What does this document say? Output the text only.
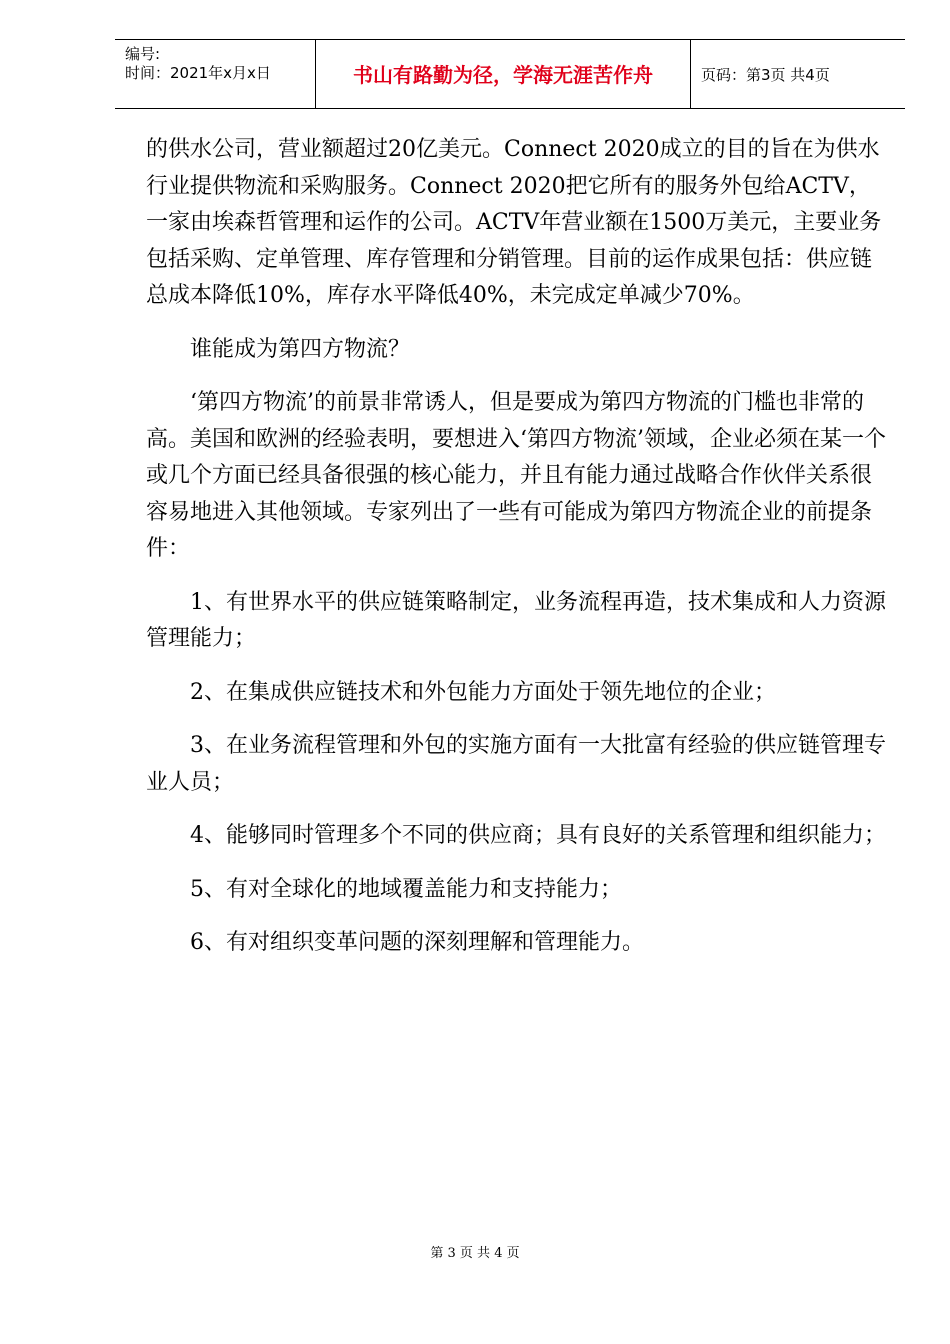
编号:
时间：2021年x月x日	书山有路勤为径，学海无涯苦作舟	页码：第3页 共4页

的供水公司，营业额超过20亿美元。Connect 2020成立的目的旨在为供水行业提供物流和采购服务。Connect 2020把它所有的服务外包给ACTV，一家由埃森哲管理和运作的公司。ACTV年营业额在1500万美元，主要业务包括采购、定单管理、库存管理和分销管理。目前的运作成果包括：供应链总成本降低10%，库存水平降低40%，未完成定单减少70%。

谁能成为第四方物流？

‘第四方物流’的前景非常诱人，但是要成为第四方物流的门槛也非常的高。美国和欧洲的经验表明，要想进入‘第四方物流’领域，企业必须在某一个或几个方面已经具备很强的核心能力，并且有能力通过战略合作伙伴关系很容易地进入其他领域。专家列出了一些有可能成为第四方物流企业的前提条件：

1、有世界水平的供应链策略制定，业务流程再造，技术集成和人力资源管理能力；

2、在集成供应链技术和外包能力方面处于领先地位的企业；

3、在业务流程管理和外包的实施方面有一大批富有经验的供应链管理专业人员；

4、能够同时管理多个不同的供应商；具有良好的关系管理和组织能力；

5、有对全球化的地域覆盖能力和支持能力；

6、有对组织变革问题的深刻理解和管理能力。

第 3 页 共 4 页
